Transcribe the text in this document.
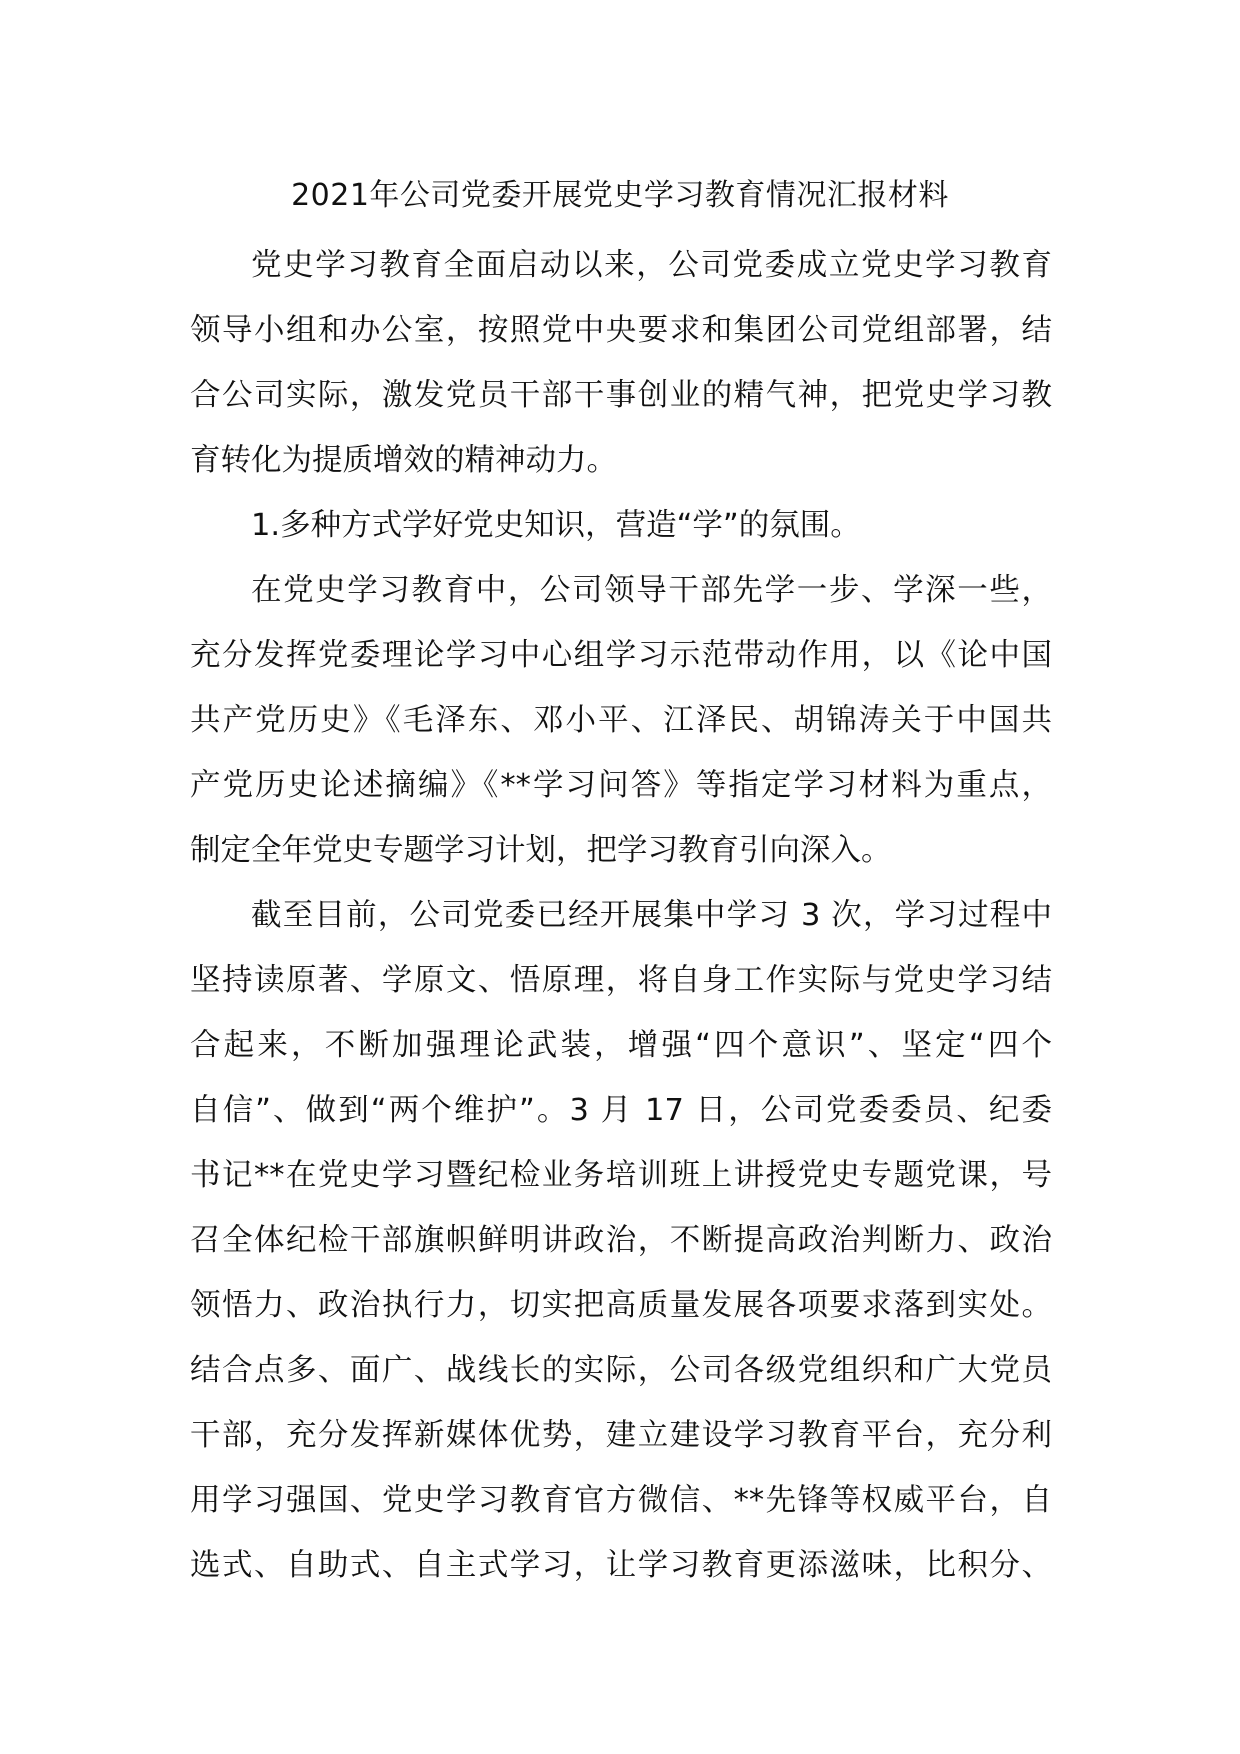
2021年公司党委开展党史学习教育情况汇报材料
党史学习教育全面启动以来，公司党委成立党史学习教育
领导小组和办公室，按照党中央要求和集团公司党组部署，结
合公司实际，激发党员干部干事创业的精气神，把党史学习教
育转化为提质增效的精神动力。
1.多种方式学好党史知识，营造“学”的氛围。
在党史学习教育中，公司领导干部先学一步、学深一些，
充分发挥党委理论学习中心组学习示范带动作用，以《论中国
共产党历史》《毛泽东、邓小平、江泽民、胡锦涛关于中国共
产党历史论述摘编》《**学习问答》等指定学习材料为重点，
制定全年党史专题学习计划，把学习教育引向深入。
截至目前，公司党委已经开展集中学习 3 次，学习过程中
坚持读原著、学原文、悟原理，将自身工作实际与党史学习结
合起来，不断加强理论武装，增强“四个意识”、坚定“四个
自信”、做到“两个维护”。3 月 17 日，公司党委委员、纪委
书记**在党史学习暨纪检业务培训班上讲授党史专题党课，号
召全体纪检干部旗帜鲜明讲政治，不断提高政治判断力、政治
领悟力、政治执行力，切实把高质量发展各项要求落到实处。
结合点多、面广、战线长的实际，公司各级党组织和广大党员
干部，充分发挥新媒体优势，建立建设学习教育平台，充分利
用学习强国、党史学习教育官方微信、**先锋等权威平台，自
选式、自助式、自主式学习，让学习教育更添滋味，比积分、
